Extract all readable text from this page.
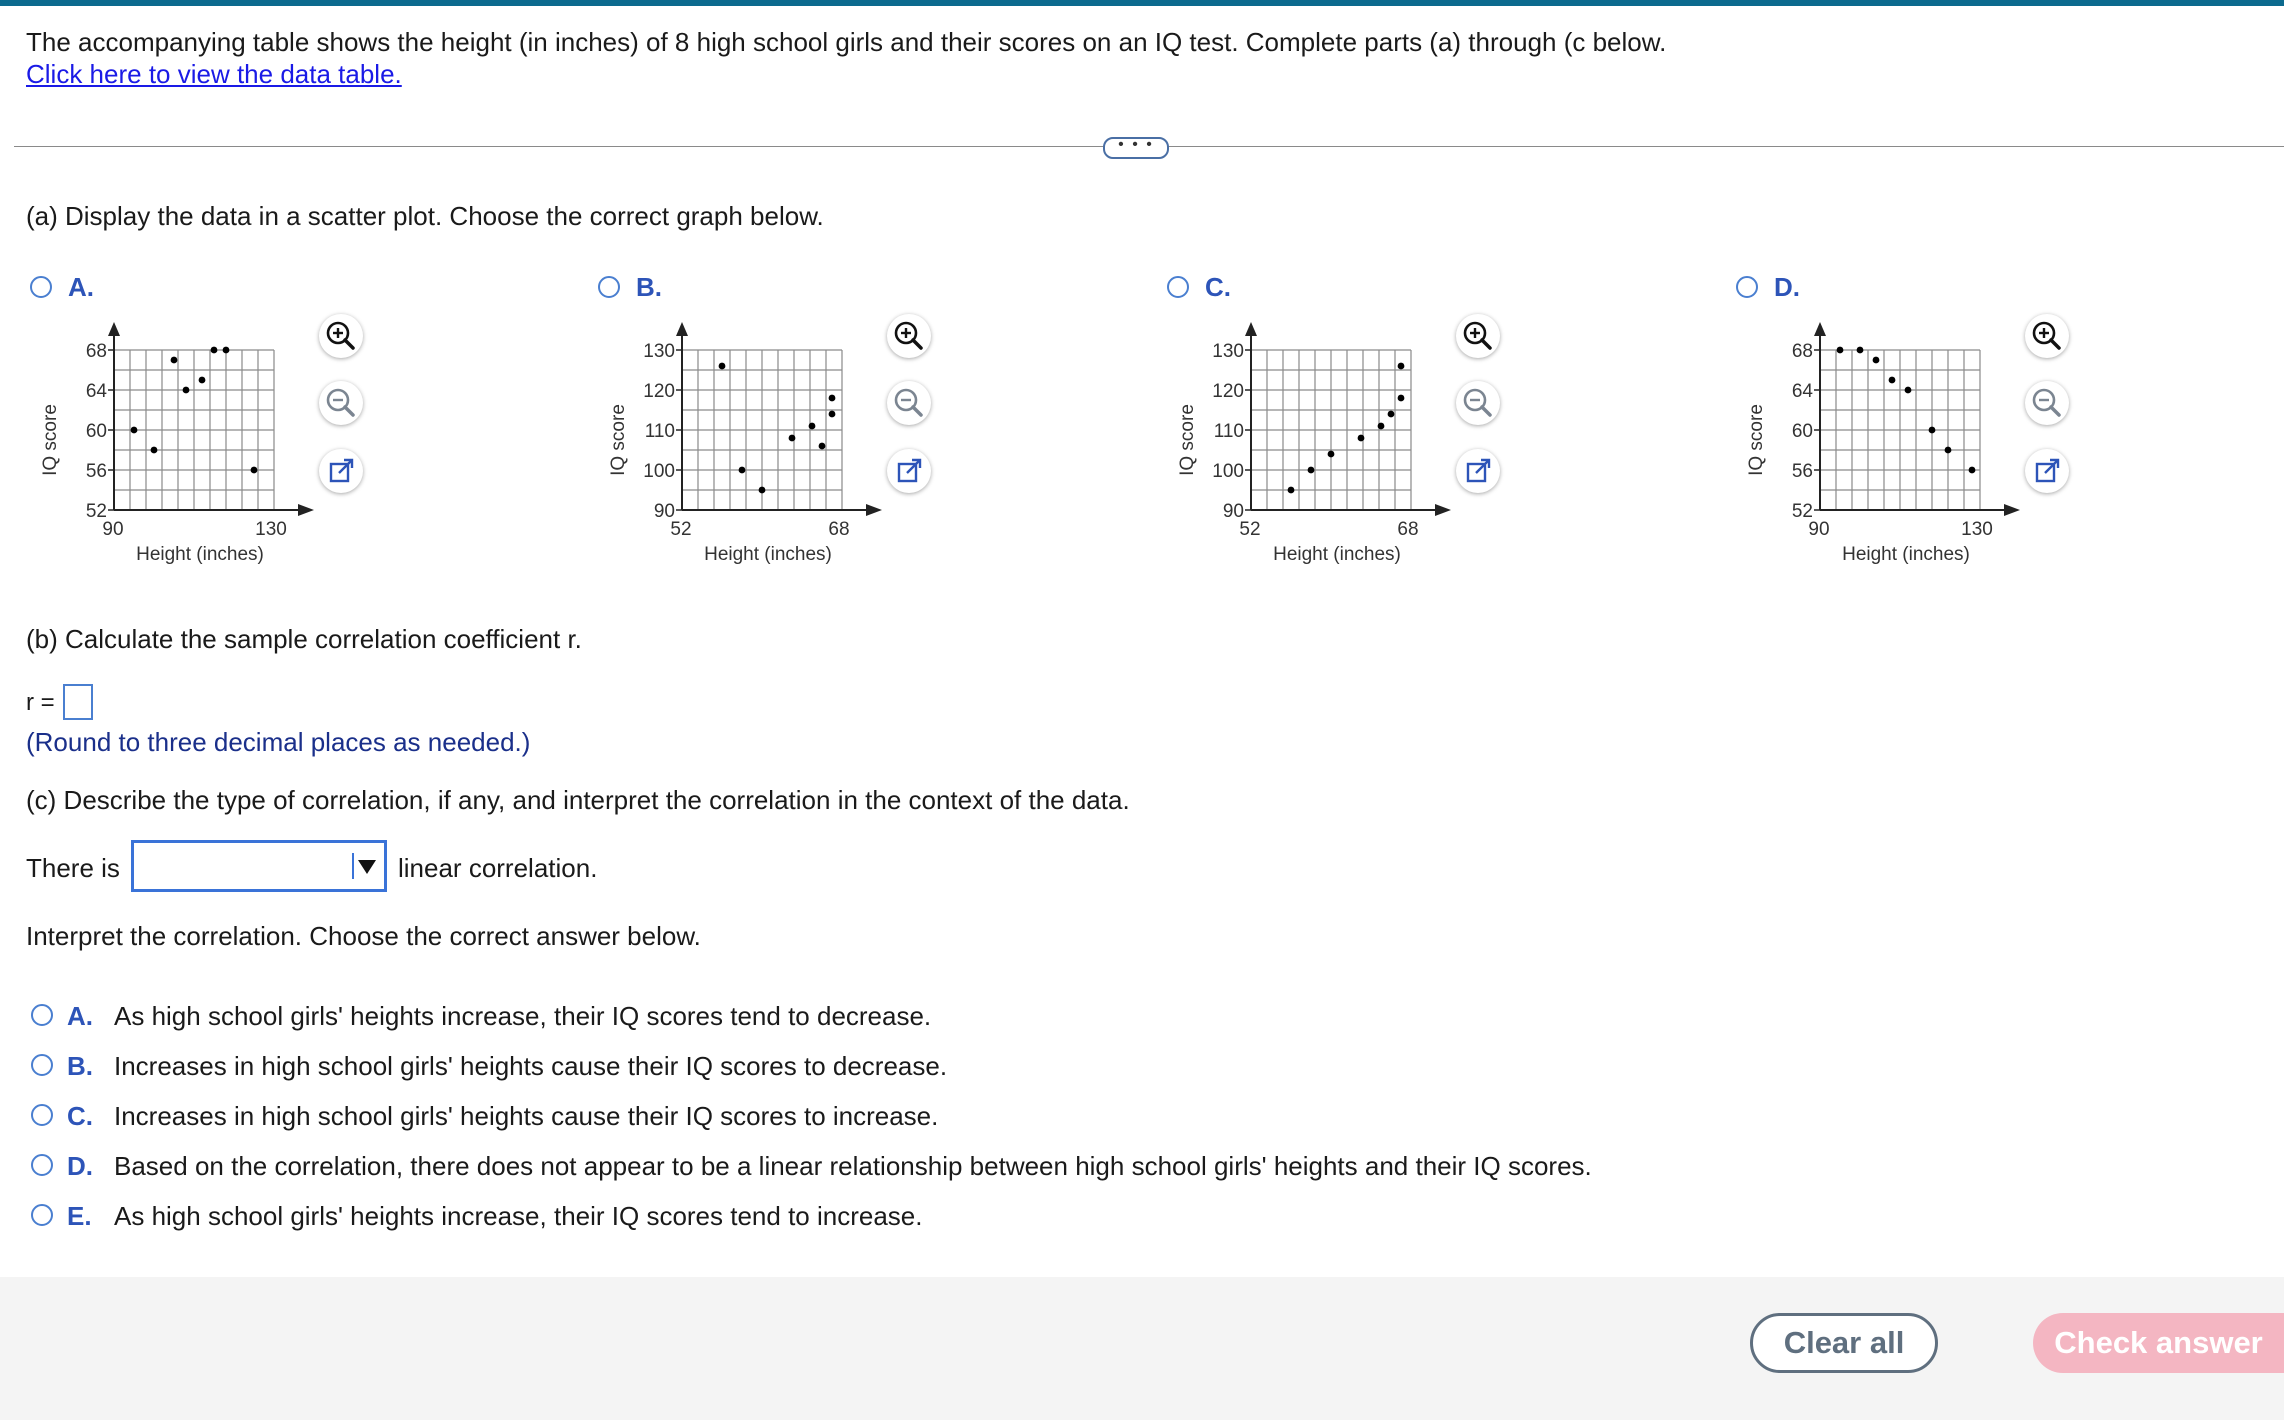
The accompanying table shows the height (in inches) of 8 high school girls and their scores on an IQ test. Complete parts (a) through (c below.
Click here to view the data table.
• • •
(a) Display the data in a scatter plot. Choose the correct graph below.
A.
68
64
60
56
52
90	130
Height (inches)
IQ score
B.
130
120
110
100
90
52	68
Height (inches)
IQ score
C.
130
120
110
100
90
52	68
Height (inches)
IQ score
D.
68
64
60
56
52
90	130
Height (inches)
IQ score
(b) Calculate the sample correlation coefficient r.
r =
(Round to three decimal places as needed.)
(c) Describe the type of correlation, if any, and interpret the correlation in the context of the data.
There is	linear correlation.
Interpret the correlation. Choose the correct answer below.
A. As high school girls' heights increase, their IQ scores tend to decrease.
B. Increases in high school girls' heights cause their IQ scores to decrease.
C. Increases in high school girls' heights cause their IQ scores to increase.
D. Based on the correlation, there does not appear to be a linear relationship between high school girls' heights and their IQ scores.
E. As high school girls' heights increase, their IQ scores tend to increase.
Clear all	Check answer
